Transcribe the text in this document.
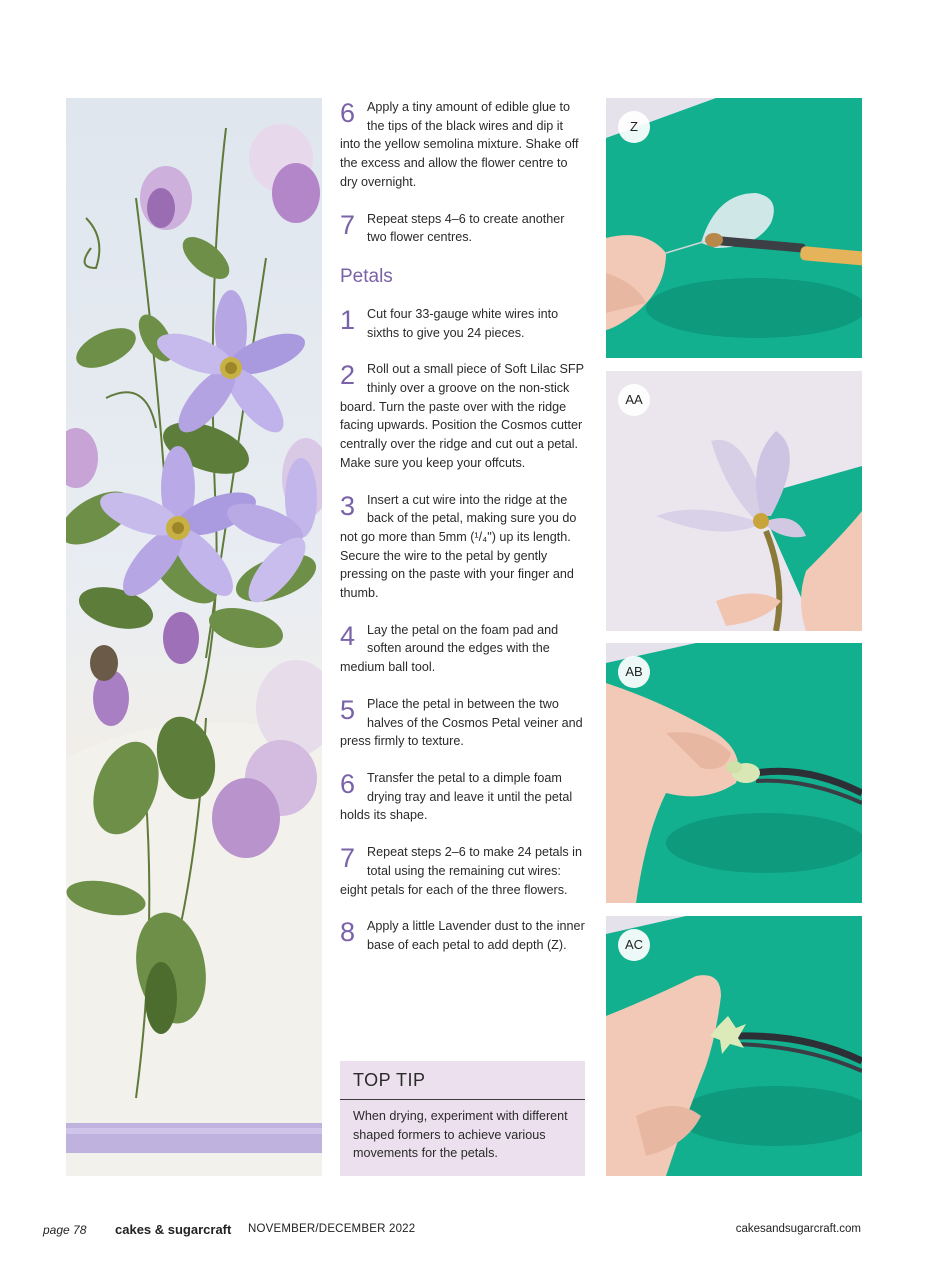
6 Apply a tiny amount of edible glue to the tips of the black wires and dip it into the yellow semolina mixture. Shake off the excess and allow the flower centre to dry overnight.
7 Repeat steps 4–6 to create another two flower centres.
Petals
1 Cut four 33-gauge white wires into sixths to give you 24 pieces.
2 Roll out a small piece of Soft Lilac SFP thinly over a groove on the non-stick board. Turn the paste over with the ridge facing upwards. Position the Cosmos cutter centrally over the ridge and cut out a petal. Make sure you keep your offcuts.
3 Insert a cut wire into the ridge at the back of the petal, making sure you do not go more than 5mm (¹/₄") up its length. Secure the wire to the petal by gently pressing on the paste with your finger and thumb.
4 Lay the petal on the foam pad and soften around the edges with the medium ball tool.
5 Place the petal in between the two halves of the Cosmos Petal veiner and press firmly to texture.
6 Transfer the petal to a dimple foam drying tray and leave it until the petal holds its shape.
7 Repeat steps 2–6 to make 24 petals in total using the remaining cut wires: eight petals for each of the three flowers.
8 Apply a little Lavender dust to the inner base of each petal to add depth (Z).
TOP TIP
When drying, experiment with different shaped formers to achieve various movements for the petals.
Z
AA
AB
AC
page 78 cakes & sugarcraft NOVEMBER/DECEMBER 2022	cakesandsugarcraft.com
